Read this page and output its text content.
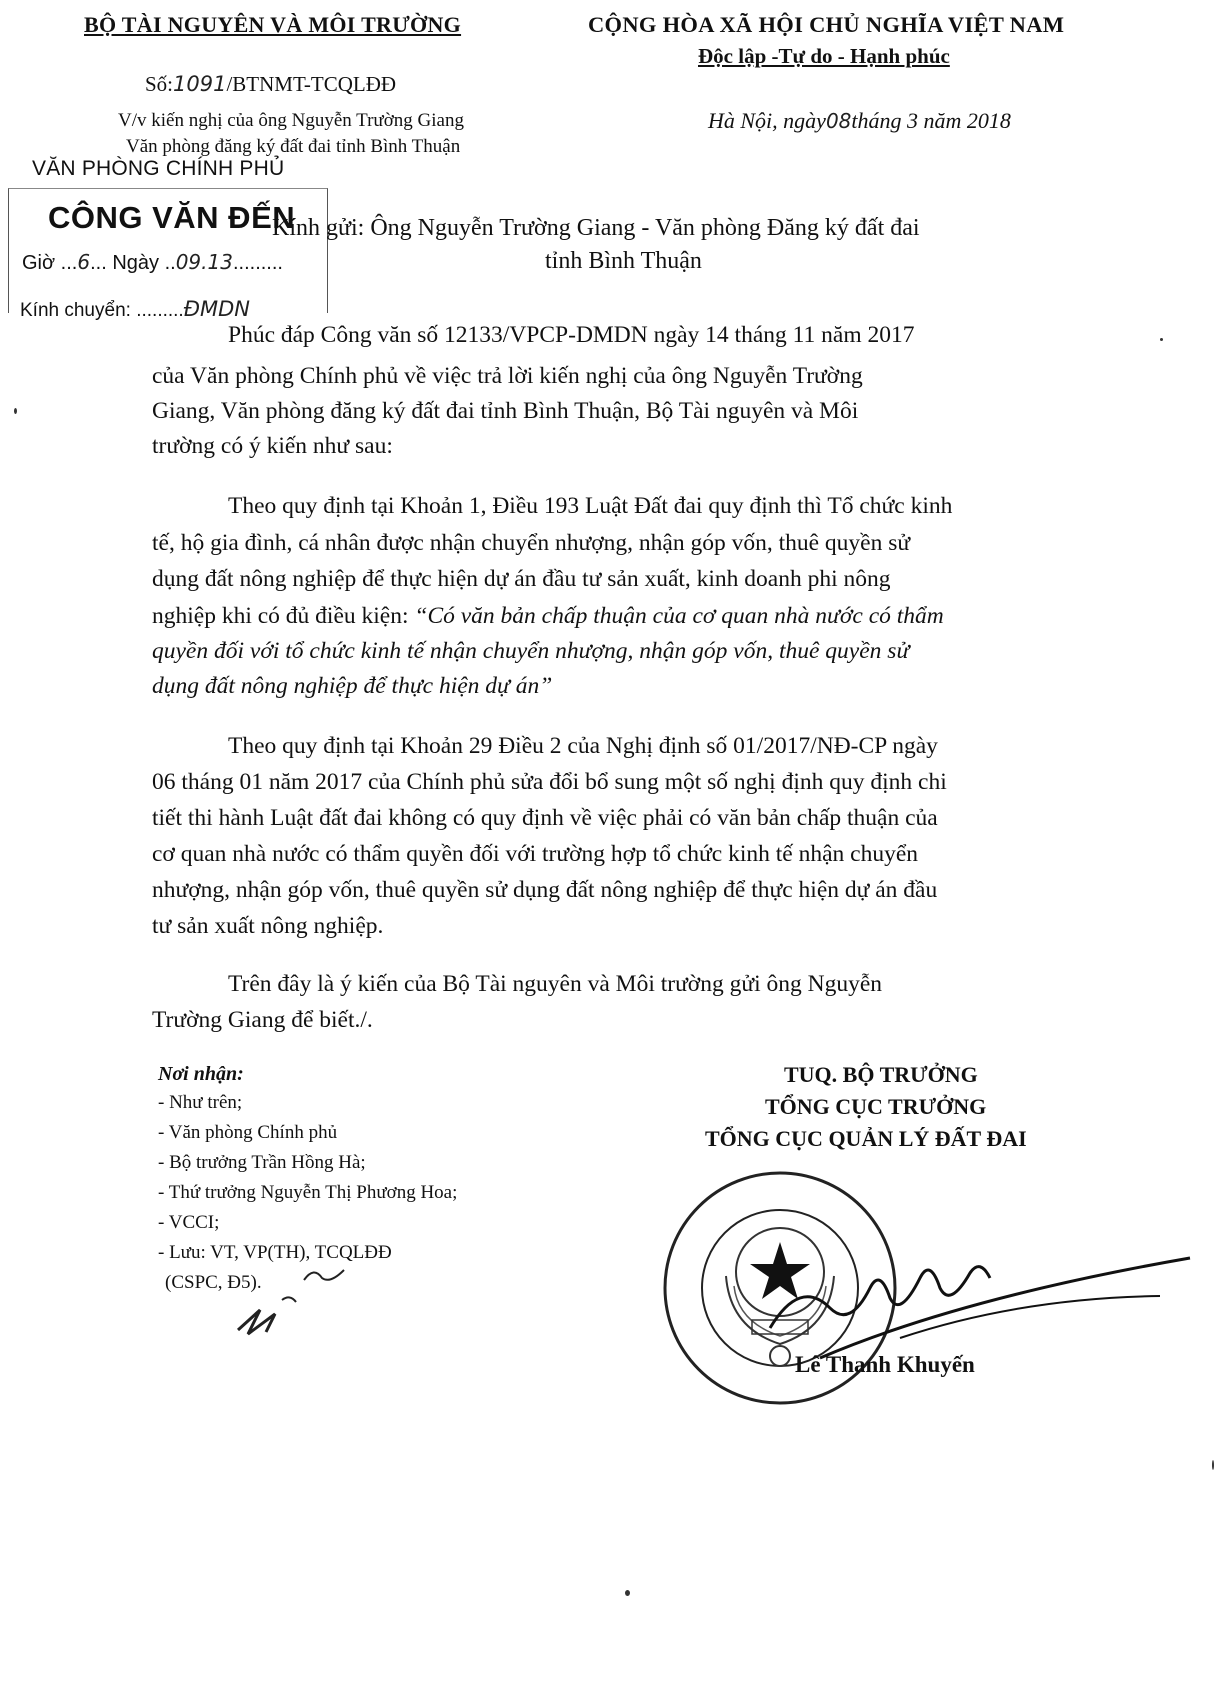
BỘ TÀI NGUYÊN VÀ MÔI TRƯỜNG
Số:1091/BTNMT-TCQLĐĐ
V/v kiến nghị của ông Nguyễn Trường Giang
Văn phòng đăng ký đất đai tỉnh Bình Thuận
CỘNG HÒA XÃ HỘI CHỦ NGHĨA VIỆT NAM
Độc lập -Tự do - Hạnh phúc
Hà Nội, ngày08tháng 3 năm 2018
VĂN PHÒNG CHÍNH PHỦ
CÔNG VĂN ĐẾN
Giờ ...6... Ngày ..09.13.........
Kính chuyển: .........ĐMDN
Kính gửi: Ông Nguyễn Trường Giang - Văn phòng Đăng ký đất đai
tỉnh Bình Thuận
Phúc đáp Công văn số 12133/VPCP-DMDN ngày 14 tháng 11 năm 2017
của Văn phòng Chính phủ về việc trả lời kiến nghị của ông Nguyễn Trường
Giang, Văn phòng đăng ký đất đai tỉnh Bình Thuận, Bộ Tài nguyên và Môi
trường có ý kiến như sau:
Theo quy định tại Khoản 1, Điều 193 Luật Đất đai quy định thì Tổ chức kinh
tế, hộ gia đình, cá nhân được nhận chuyển nhượng, nhận góp vốn, thuê quyền sử
dụng đất nông nghiệp để thực hiện dự án đầu tư sản xuất, kinh doanh phi nông
nghiệp khi có đủ điều kiện: “Có văn bản chấp thuận của cơ quan nhà nước có thẩm
quyền đối với tổ chức kinh tế nhận chuyển nhượng, nhận góp vốn, thuê quyền sử
dụng đất nông nghiệp để thực hiện dự án”
Theo quy định tại Khoản 29 Điều 2 của Nghị định số 01/2017/NĐ-CP ngày
06 tháng 01 năm 2017 của Chính phủ sửa đổi bổ sung một số nghị định quy định chi
tiết thi hành Luật đất đai không có quy định về việc phải có văn bản chấp thuận của
cơ quan nhà nước có thẩm quyền đối với trường hợp tổ chức kinh tế nhận chuyển
nhượng, nhận góp vốn, thuê quyền sử dụng đất nông nghiệp để thực hiện dự án đầu
tư sản xuất nông nghiệp.
Trên đây là ý kiến của Bộ Tài nguyên và Môi trường gửi ông Nguyễn
Trường Giang để biết./.
Nơi nhận:
- Như trên;
- Văn phòng Chính phủ
- Bộ trưởng Trần Hồng Hà;
- Thứ trưởng Nguyễn Thị Phương Hoa;
- VCCI;
- Lưu: VT, VP(TH), TCQLĐĐ
(CSPC, Đ5).
TUQ. BỘ TRƯỞNG
TỔNG CỤC TRƯỞNG
TỔNG CỤC QUẢN LÝ ĐẤT ĐAI
Lê Thanh Khuyến
